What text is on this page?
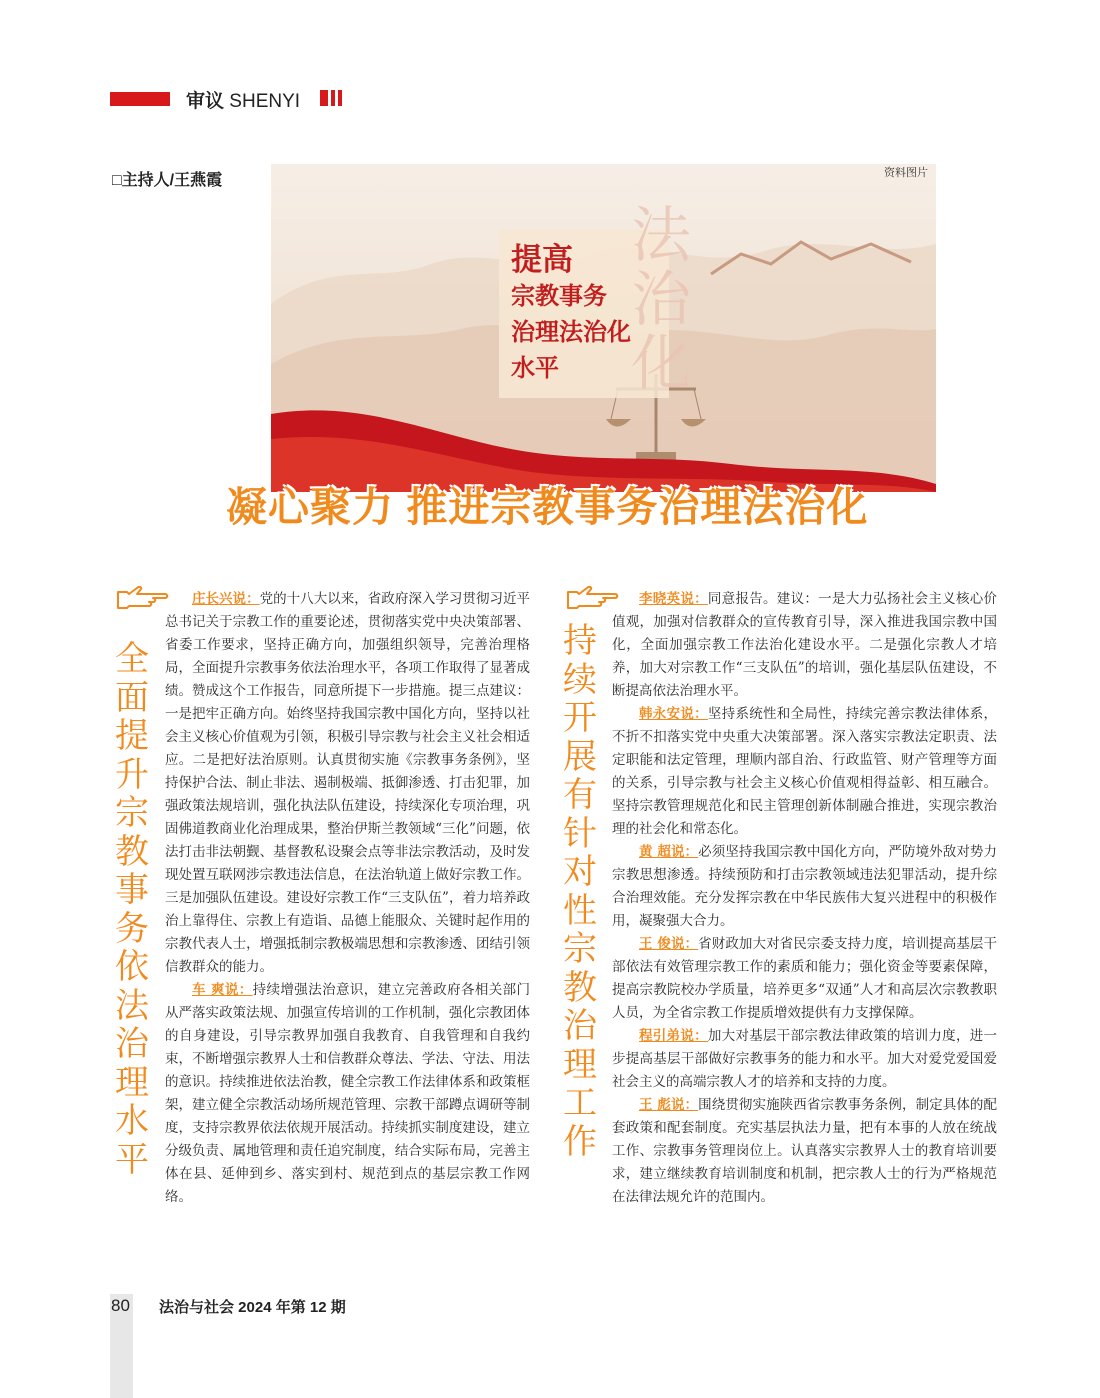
审议 SHENYI
□主持人/王燕霞
法治化
提高
宗教事务
治理法治化
水平
资料图片
凝心聚力 推进宗教事务治理法治化
全面提升宗教事务依法治理水平

庄长兴说：党的十八大以来，省政府深入学习贯彻习近平总书记关于宗教工作的重要论述，贯彻落实党中央决策部署、省委工作要求，坚持正确方向，加强组织领导，完善治理格局，全面提升宗教事务依法治理水平，各项工作取得了显著成绩。赞成这个工作报告，同意所提下一步措施。提三点建议：一是把牢正确方向。始终坚持我国宗教中国化方向，坚持以社会主义核心价值观为引领，积极引导宗教与社会主义社会相适应。二是把好法治原则。认真贯彻实施《宗教事务条例》，坚持保护合法、制止非法、遏制极端、抵御渗透、打击犯罪，加强政策法规培训，强化执法队伍建设，持续深化专项治理，巩固佛道教商业化治理成果，整治伊斯兰教领域“三化”问题，依法打击非法朝觐、基督教私设聚会点等非法宗教活动，及时发现处置互联网涉宗教违法信息，在法治轨道上做好宗教工作。三是加强队伍建设。建设好宗教工作“三支队伍”，着力培养政治上靠得住、宗教上有造诣、品德上能服众、关键时起作用的宗教代表人士，增强抵制宗教极端思想和宗教渗透、团结引领信教群众的能力。

车 爽说：持续增强法治意识，建立完善政府各相关部门从严落实政策法规、加强宣传培训的工作机制，强化宗教团体的自身建设，引导宗教界加强自我教育、自我管理和自我约束，不断增强宗教界人士和信教群众尊法、学法、守法、用法的意识。持续推进依法治教，健全宗教工作法律体系和政策框架，建立健全宗教活动场所规范管理、宗教干部蹲点调研等制度，支持宗教界依法依规开展活动。持续抓实制度建设，建立分级负责、属地管理和责任追究制度，结合实际布局，完善主体在县、延伸到乡、落实到村、规范到点的基层宗教工作网络。

持续开展有针对性宗教治理工作

李晓英说：同意报告。建议：一是大力弘扬社会主义核心价值观，加强对信教群众的宣传教育引导，深入推进我国宗教中国化，全面加强宗教工作法治化建设水平。二是强化宗教人才培养，加大对宗教工作“三支队伍”的培训，强化基层队伍建设，不断提高依法治理水平。

韩永安说：坚持系统性和全局性，持续完善宗教法律体系，不折不扣落实党中央重大决策部署。深入落实宗教法定职责、法定职能和法定管理，理顺内部自治、行政监管、财产管理等方面的关系，引导宗教与社会主义核心价值观相得益彰、相互融合。坚持宗教管理规范化和民主管理创新体制融合推进，实现宗教治理的社会化和常态化。

黄 超说：必须坚持我国宗教中国化方向，严防境外敌对势力宗教思想渗透。持续预防和打击宗教领域违法犯罪活动，提升综合治理效能。充分发挥宗教在中华民族伟大复兴进程中的积极作用，凝聚强大合力。

王 俊说：省财政加大对省民宗委支持力度，培训提高基层干部依法有效管理宗教工作的素质和能力；强化资金等要素保障，提高宗教院校办学质量，培养更多“双通”人才和高层次宗教教职人员，为全省宗教工作提质增效提供有力支撑保障。

程引弟说：加大对基层干部宗教法律政策的培训力度，进一步提高基层干部做好宗教事务的能力和水平。加大对爱党爱国爱社会主义的高端宗教人才的培养和支持的力度。

王 彪说：围绕贯彻实施陕西省宗教事务条例，制定具体的配套政策和配套制度。充实基层执法力量，把有本事的人放在统战工作、宗教事务管理岗位上。认真落实宗教界人士的教育培训要求，建立继续教育培训制度和机制，把宗教人士的行为严格规范在法律法规允许的范围内。

80 法治与社会 2024 年第 12 期
